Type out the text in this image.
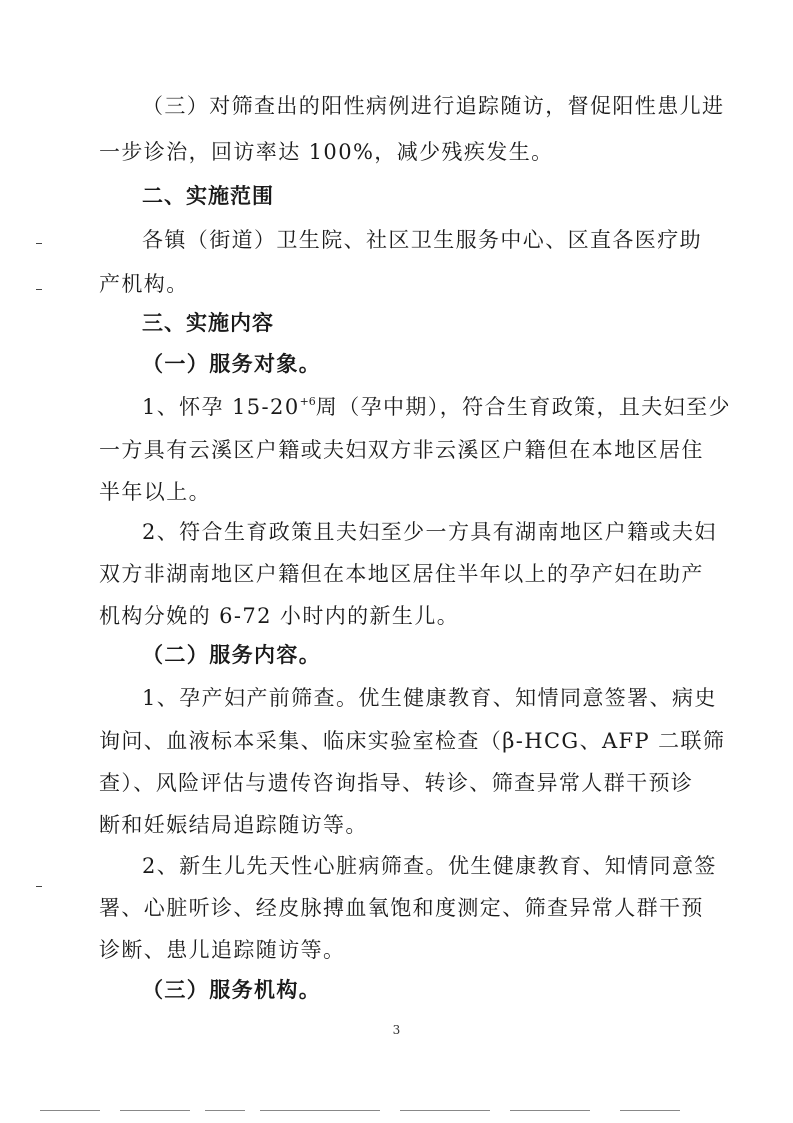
（三）对筛查出的阳性病例进行追踪随访，督促阳性患儿进
一步诊治，回访率达 100%，减少残疾发生。
二、实施范围
各镇（街道）卫生院、社区卫生服务中心、区直各医疗助
产机构。
三、实施内容
（一）服务对象。
1、怀孕 $15-20^{+6}$周（孕中期），符合生育政策，且夫妇至少
一方具有云溪区户籍或夫妇双方非云溪区户籍但在本地区居住
半年以上。
2、符合生育政策且夫妇至少一方具有湖南地区户籍或夫妇
双方非湖南地区户籍但在本地区居住半年以上的孕产妇在助产
机构分娩的 6-72 小时内的新生儿。
（二）服务内容。
1、孕产妇产前筛查。优生健康教育、知情同意签署、病史
询问、血液标本采集、临床实验室检查（β-HCG、AFP 二联筛
查）、风险评估与遗传咨询指导、转诊、筛查异常人群干预诊
断和妊娠结局追踪随访等。
2、新生儿先天性心脏病筛查。优生健康教育、知情同意签
署、心脏听诊、经皮脉搏血氧饱和度测定、筛查异常人群干预
诊断、患儿追踪随访等。
（三）服务机构。
3
